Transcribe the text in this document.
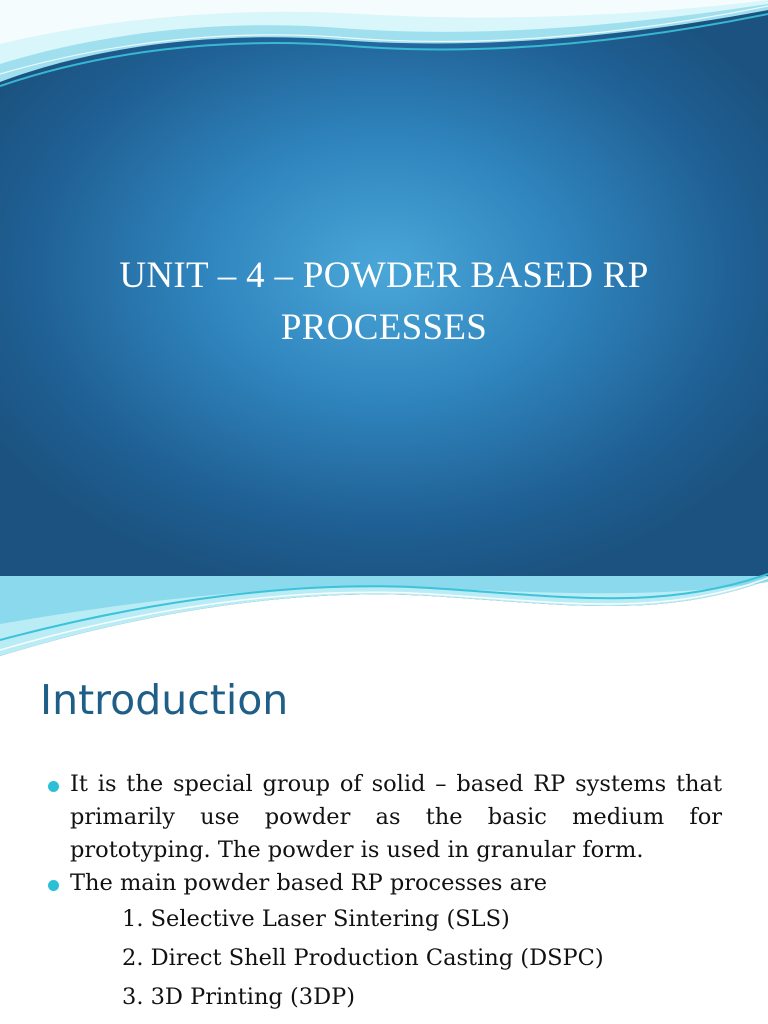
UNIT – 4 – POWDER BASED RP
PROCESSES
Introduction
It is the special group of solid – based RP systems that primarily use powder as the basic medium for prototyping. The powder is used in granular form.
The main powder based RP processes are
1. Selective Laser Sintering (SLS)
2. Direct Shell Production Casting (DSPC)
3. 3D Printing (3DP)
